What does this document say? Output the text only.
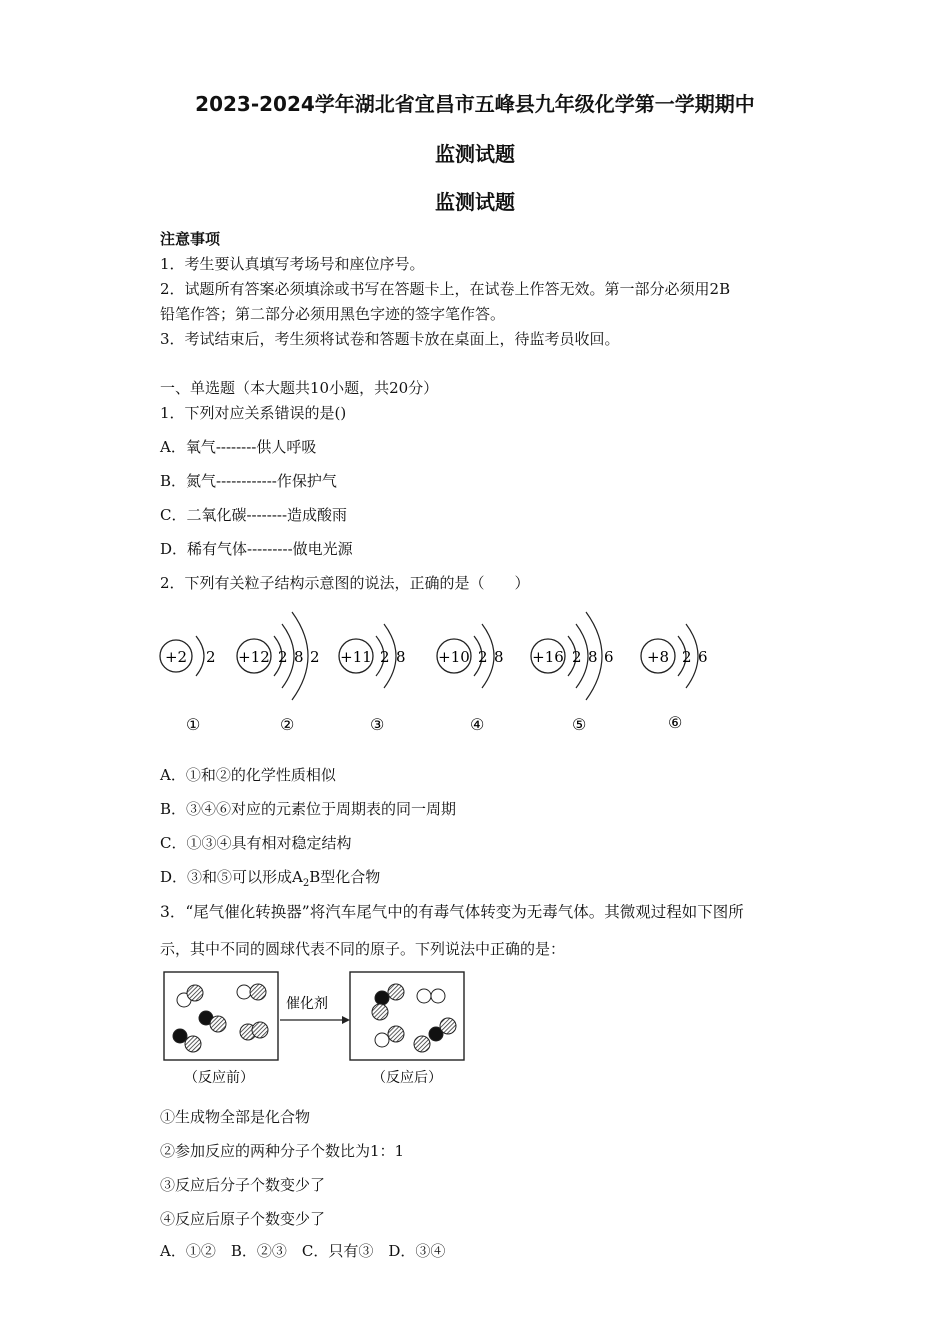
2023-2024学年湖北省宜昌市五峰县九年级化学第一学期期中
监测试题
监测试题
注意事项
1．考生要认真填写考场号和座位序号。
2．试题所有答案必须填涂或书写在答题卡上，在试卷上作答无效。第一部分必须用2B
铅笔作答；第二部分必须用黑色字迹的签字笔作答。
3．考试结束后，考生须将试卷和答题卡放在桌面上，待监考员收回。
一、单选题（本大题共10小题，共20分）
1．下列对应关系错误的是()
A．氧气--------供人呼吸
B．氮气------------作保护气
C．二氧化碳--------造成酸雨
D．稀有气体---------做电光源
2．下列有关粒子结构示意图的说法，正确的是（　　）
+2 2
①
+12 2 8 2
②
+11 2 8
③
+10 2 8
④
+16 2 8 6
⑤
+8 2 6
⑥
A．①和②的化学性质相似
B．③④⑥对应的元素位于周期表的同一周期
C．①③④具有相对稳定结构
D．③和⑤可以形成$A_2B$型化合物
3．“尾气催化转换器”将汽车尾气中的有毒气体转变为无毒气体。其微观过程如下图所
示，其中不同的圆球代表不同的原子。下列说法中正确的是：
催化剂
（反应前）	（反应后）
①生成物全部是化合物
②参加反应的两种分子个数比为1：1
③反应后分子个数变少了
④反应后原子个数变少了
A．①②　B．②③　C．只有③　D．③④
